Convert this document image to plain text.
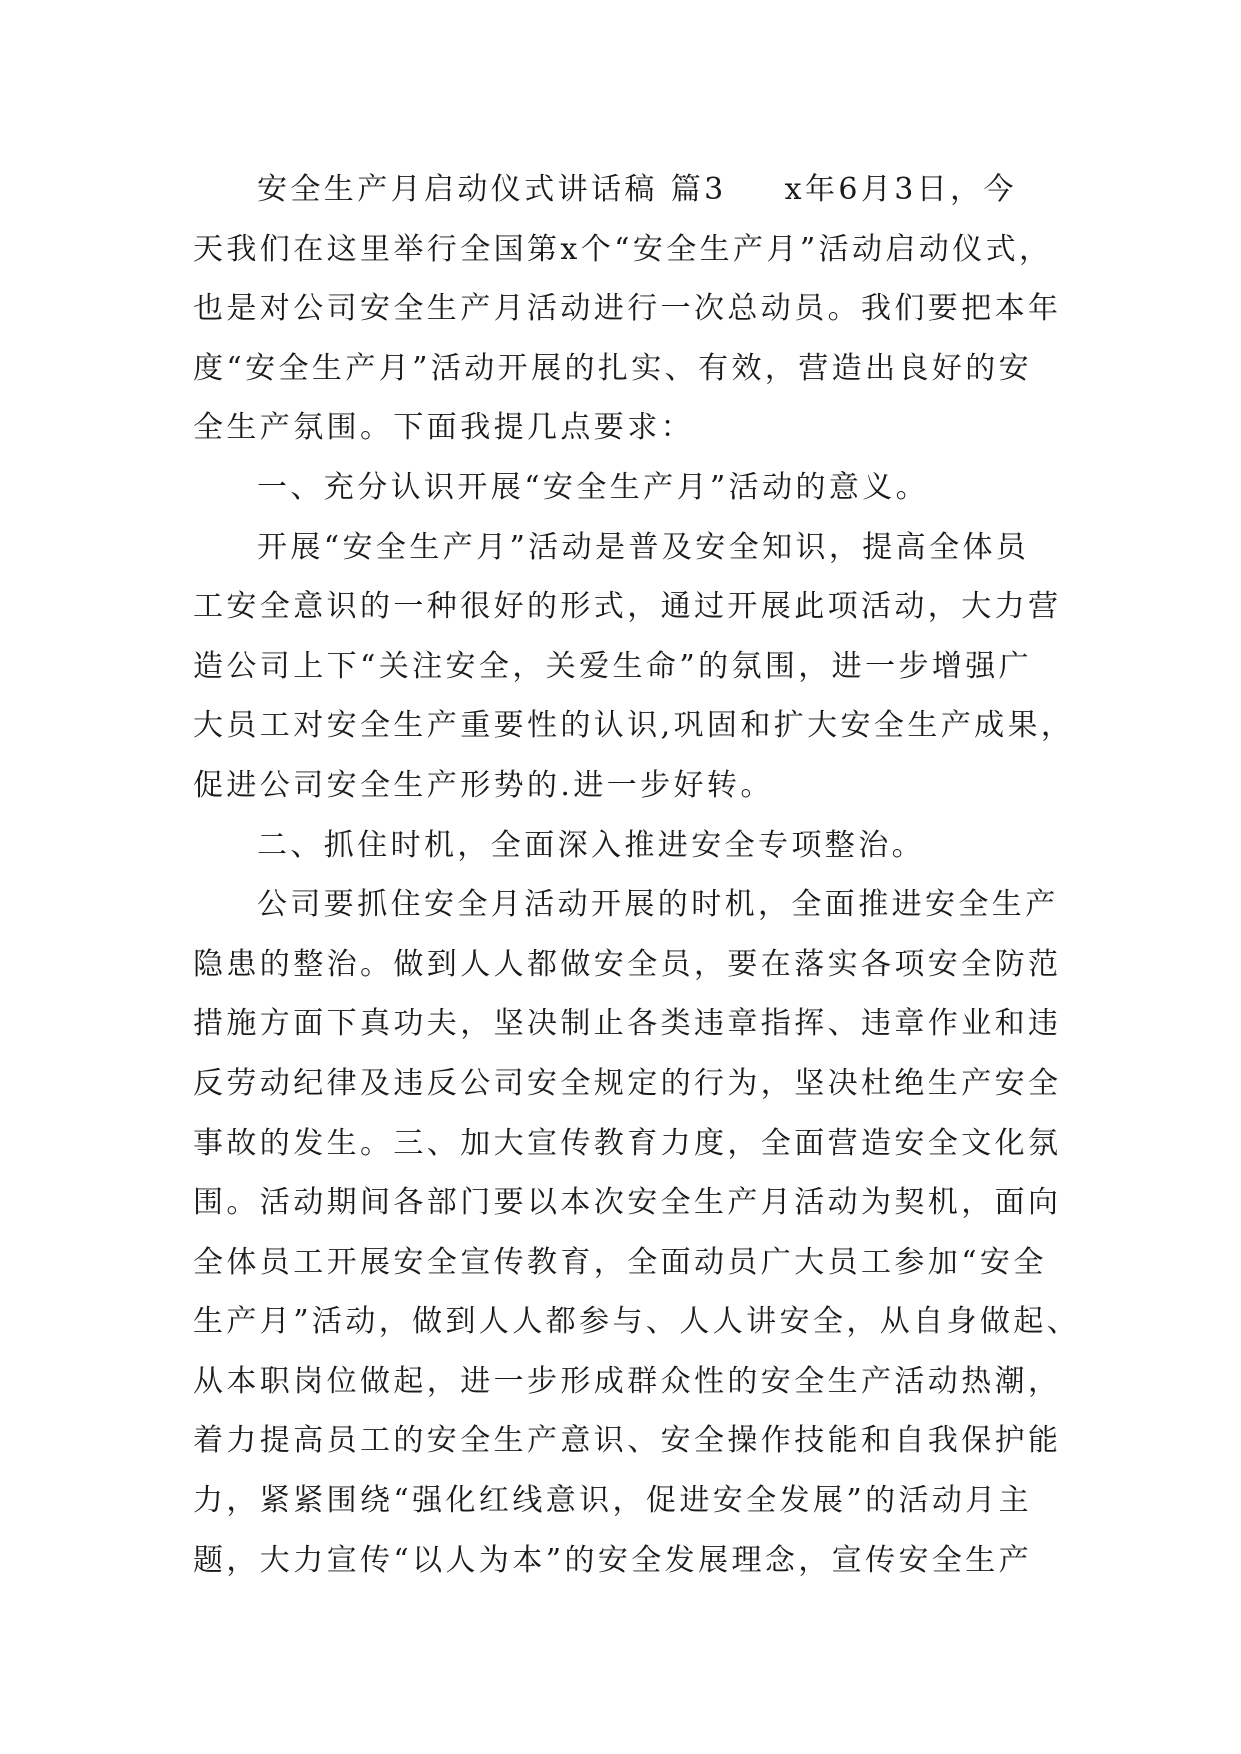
安全生产月启动仪式讲话稿 篇3 x年6月3日，今
天我们在这里举行全国第x个“安全生产月”活动启动仪式，
也是对公司安全生产月活动进行一次总动员。我们要把本年
度“安全生产月”活动开展的扎实、有效，营造出良好的安
全生产氛围。下面我提几点要求：
一、充分认识开展“安全生产月”活动的意义。
开展“安全生产月”活动是普及安全知识，提高全体员
工安全意识的一种很好的形式，通过开展此项活动，大力营
造公司上下“关注安全，关爱生命”的氛围，进一步增强广
大员工对安全生产重要性的认识,巩固和扩大安全生产成果，
促进公司安全生产形势的.进一步好转。
二、抓住时机，全面深入推进安全专项整治。
公司要抓住安全月活动开展的时机，全面推进安全生产
隐患的整治。做到人人都做安全员，要在落实各项安全防范
措施方面下真功夫，坚决制止各类违章指挥、违章作业和违
反劳动纪律及违反公司安全规定的行为，坚决杜绝生产安全
事故的发生。三、加大宣传教育力度，全面营造安全文化氛
围。活动期间各部门要以本次安全生产月活动为契机，面向
全体员工开展安全宣传教育，全面动员广大员工参加“安全
生产月”活动，做到人人都参与、人人讲安全，从自身做起、
从本职岗位做起，进一步形成群众性的安全生产活动热潮，
着力提高员工的安全生产意识、安全操作技能和自我保护能
力，紧紧围绕“强化红线意识，促进安全发展”的活动月主
题，大力宣传“以人为本”的安全发展理念，宣传安全生产
